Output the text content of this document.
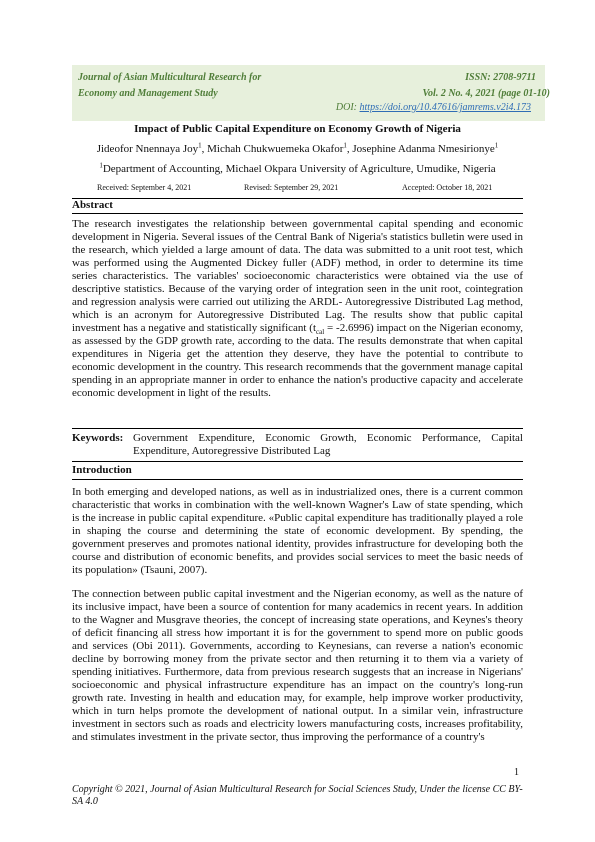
Journal of Asian Multicultural Research for
Economy and Management Study
ISSN: 2708-9711
Vol. 2 No. 4, 2021 (page 01-10)
DOI: https://doi.org/10.47616/jamrems.v2i4.173
Impact of Public Capital Expenditure on Economy Growth of Nigeria
Jideofor Nnennaya Joy$^1$, Michah Chukwuemeka Okafor$^1$, Josephine Adanma Nmesirionye$^1$
$^1$Department of Accounting, Michael Okpara University of Agriculture, Umudike, Nigeria
Received: September 4, 2021	Revised: September 29, 2021	Accepted: October 18, 2021
Abstract

The research investigates the relationship between governmental capital spending and economic development in Nigeria. Several issues of the Central Bank of Nigeria's statistics bulletin were used in the research, which yielded a large amount of data. The data was submitted to a unit root test, which was performed using the Augmented Dickey fuller (ADF) method, in order to determine its time series characteristics. The variables' socioeconomic characteristics were obtained via the use of descriptive statistics. Because of the varying order of integration seen in the unit root, cointegration and regression analysis were carried out utilizing the ARDL- Autoregressive Distributed Lag method, which is an acronym for Autoregressive Distributed Lag. The results show that public capital investment has a negative and statistically significant $(t_{cal} = -2.6996)$ impact on the Nigerian economy, as assessed by the GDP growth rate, according to the data. The results demonstrate that when capital expenditures in Nigeria get the attention they deserve, they have the potential to contribute to economic development in the country. This research recommends that the government manage capital spending in an appropriate manner in order to enhance the nation's productive capacity and accelerate economic development in light of the results.

Keywords: Government Expenditure, Economic Growth, Economic Performance, Capital Expenditure, Autoregressive Distributed Lag
Introduction

In both emerging and developed nations, as well as in industrialized ones, there is a current common characteristic that works in combination with the well-known Wagner's Law of state spending, which is the increase in public capital expenditure. «Public capital expenditure has traditionally played a role in shaping the course and determining the state of economic development. By spending, the government preserves and promotes national identity, provides infrastructure for developing both the course and distribution of economic benefits, and provides social services to meet the basic needs of its population» (Tsauni, 2007).

The connection between public capital investment and the Nigerian economy, as well as the nature of its inclusive impact, have been a source of contention for many academics in recent years. In addition to the Wagner and Musgrave theories, the concept of increasing state operations, and Keynes's theory of deficit financing all stress how important it is for the government to spend more on public goods and services (Obi 2011). Governments, according to Keynesians, can reverse a nation's economic decline by borrowing money from the private sector and then returning it to them via a variety of spending initiatives. Furthermore, data from previous research suggests that an increase in Nigerians' socioeconomic and physical infrastructure expenditure has an impact on the country's long-run growth rate. Investing in health and education may, for example, help improve worker productivity, which in turn helps promote the development of national output. In a similar vein, infrastructure investment in sectors such as roads and electricity lowers manufacturing costs, increases profitability, and stimulates investment in the private sector, thus improving the performance of a country's

1
Copyright © 2021, Journal of Asian Multicultural Research for Social Sciences Study, Under the license CC BY-SA 4.0
